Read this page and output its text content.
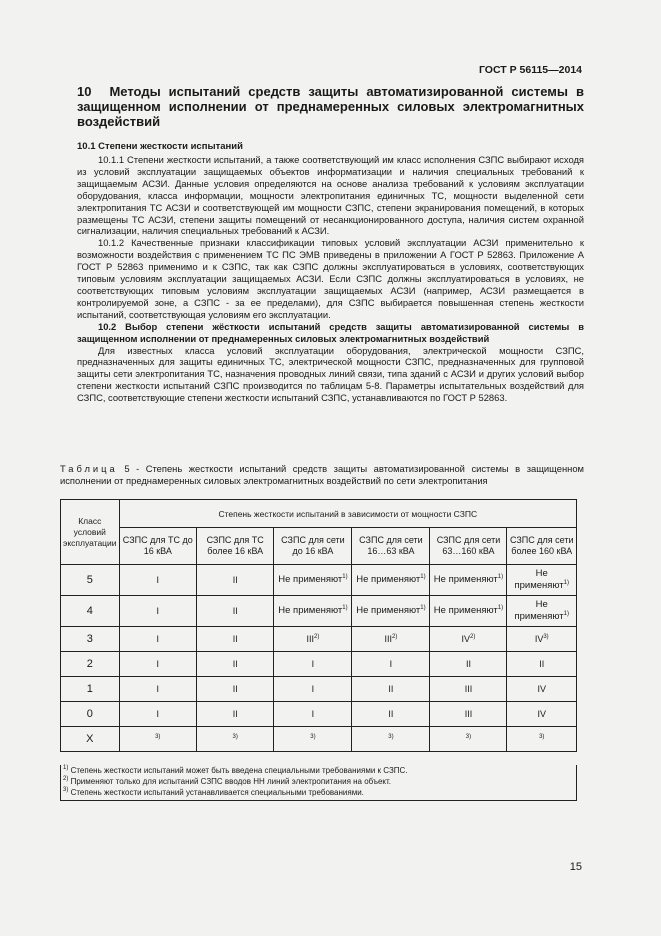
ГОСТ Р 56115—2014
10 Методы испытаний средств защиты автоматизированной системы в защищенном исполнении от преднамеренных силовых электромагнитных воздействий
10.1 Степени жесткости испытаний

10.1.1 Степени жесткости испытаний, а также соответствующий им класс исполнения СЗПС выбирают исходя из условий эксплуатации защищаемых объектов информатизации и наличия специальных требований к защищаемым АСЗИ. Данные условия определяются на основе анализа требований к условиям эксплуатации оборудования, класса информации, мощности электропитания единичных ТС, мощности выделенной сети электропитания ТС АСЗИ и соответствующей им мощности СЗПС, степени экранирования помещений, в которых размещены ТС АСЗИ, степени защиты помещений от несанкционированного доступа, наличия систем охранной сигнализации, наличия специальных требований к АСЗИ.

10.1.2 Качественные признаки классификации типовых условий эксплуатации АСЗИ применительно к возможности воздействия с применением ТС ПС ЭМВ приведены в приложении А ГОСТ Р 52863. Приложение А ГОСТ Р 52863 применимо и к СЗПС, так как СЗПС должны эксплуатироваться в условиях, соответствующих типовым условиям эксплуатации защищаемых АСЗИ. Если СЗПС должны эксплуатироваться в условиях, не соответствующих типовым условиям эксплуатации защищаемых АСЗИ (например, АСЗИ размещается в контролируемой зоне, а СЗПС - за ее пределами), для СЗПС выбирается повышенная степень жесткости испытаний, соответствующая условиям его эксплуатации.

10.2 Выбор степени жёсткости испытаний средств защиты автоматизированной системы в защищенном исполнении от преднамеренных силовых электромагнитных воздействий

Для известных класса условий эксплуатации оборудования, электрической мощности СЗПС, предназначенных для защиты единичных ТС, электрической мощности СЗПС, предназначенных для групповой защиты сети электропитания ТС, назначения проводных линий связи, типа зданий с АСЗИ и других условий выбор степени жесткости испытаний СЗПС производится по таблицам 5-8. Параметры испытательных воздействий для СЗПС, соответствующие степени жесткости испытаний СЗПС, устанавливаются по ГОСТ Р 52863.

Таблица 5 - Степень жесткости испытаний средств защиты автоматизированной системы в защищенном исполнении от преднамеренных силовых электромагнитных воздействий по сети электропитания
Класс условий эксплуатации	Степень жесткости испытаний в зависимости от мощности СЗПС					
	СЗПС для ТС до 16 кВА	СЗПС для ТС более 16 кВА	СЗПС для сети до 16 кВА	СЗПС для сети 16…63 кВА	СЗПС для сети 63…160 кВА	СЗПС для сети более 160 кВА
5	I	II	Не применяют$^{1)}$	Не применяют$^{1)}$	Не применяют$^{1)}$	Не применяют$^{1)}$
4	I	II	Не применяют$^{1)}$	Не применяют$^{1)}$	Не применяют$^{1)}$	Не применяют$^{1)}$
3	I	II	III$^{2)}$	III$^{2)}$	IV$^{2)}$	IV$^{3)}$
2	I	II	I	I	II	II
1	I	II	I	II	III	IV
0	I	II	I	II	III	IV
X	$^{3)}$	$^{3)}$	$^{3)}$	$^{3)}$	$^{3)}$	$^{3)}$
$^{1)}$ Степень жесткости испытаний может быть введена специальными требованиями к СЗПС.
$^{2)}$ Применяют только для испытаний СЗПС вводов НН линий электропитания на объект.
$^{3)}$ Степень жесткости испытаний устанавливается специальными требованиями.
15
